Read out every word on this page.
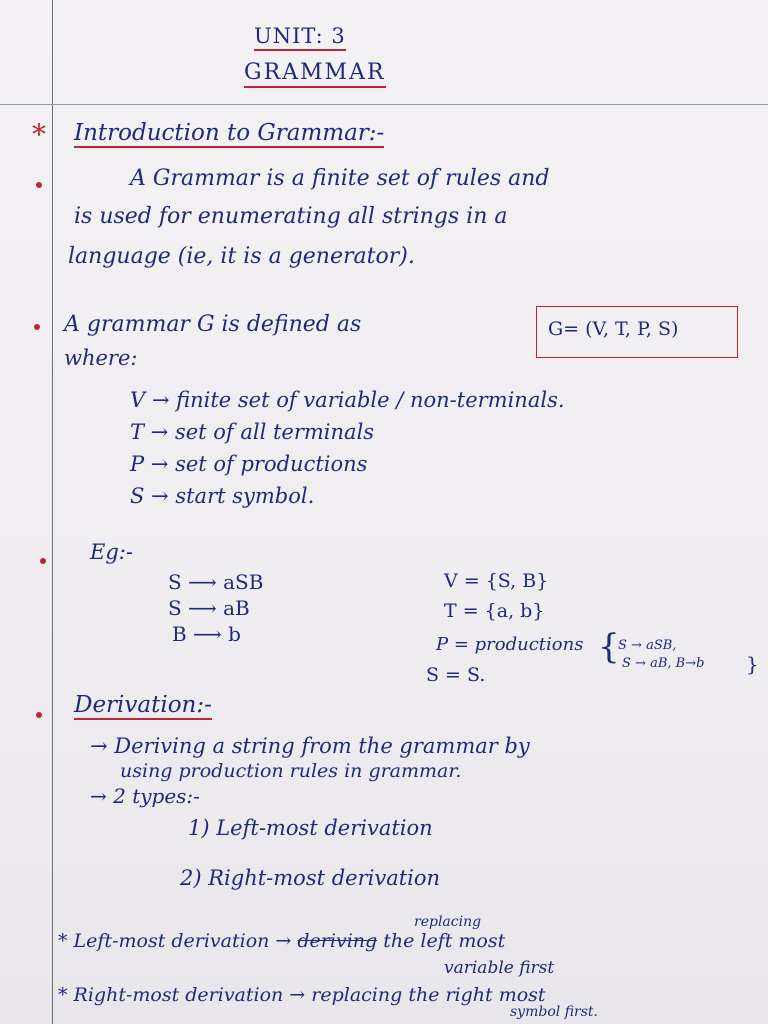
UNIT: 3
GRAMMAR
* Introduction to Grammar:-
A Grammar is a finite set of rules and
is used for enumerating all strings in a
language (ie, it is a generator).
A grammar G is defined as	G= (V, T, P, S)
where:
V → finite set of variable / non-terminals.
T → set of all terminals
P → set of productions
S → start symbol.
Eg:-
S ⟶ aSB
S ⟶ aB
B ⟶ b
V = {S, B}
T = {a, b}
P = productions {
S → aSB,
S → aB, B→b }
S = S.
Derivation:-
→ Deriving a string from the grammar by
using production rules in grammar.
→ 2 types:-
1) Left-most derivation
2) Right-most derivation
replacing
* Left-most derivation → deriving the left most
variable first
* Right-most derivation → replacing the right most
symbol first.
